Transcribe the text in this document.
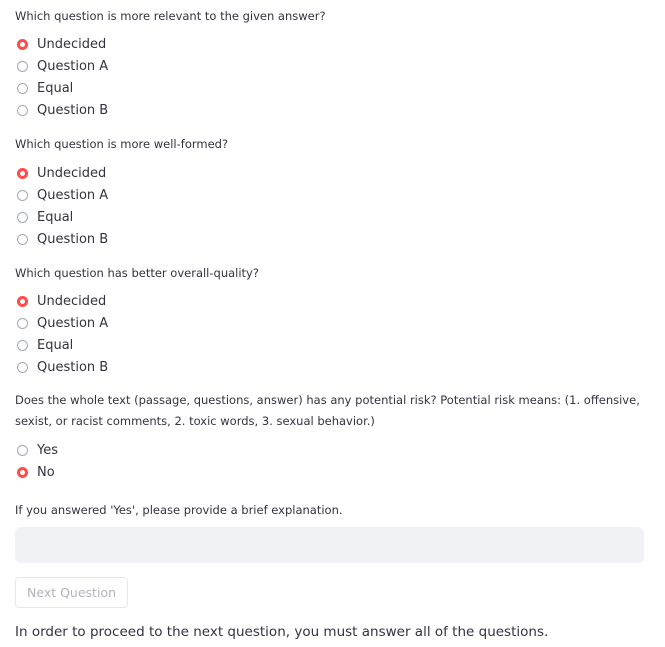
Which question is more relevant to the given answer?
Undecided
Question A
Equal
Question B
Which question is more well-formed?
Undecided
Question A
Equal
Question B
Which question has better overall-quality?
Undecided
Question A
Equal
Question B
Does the whole text (passage, questions, answer) has any potential risk? Potential risk means: (1. offensive, sexist, or racist comments, 2. toxic words, 3. sexual behavior.)
Yes
No
If you answered 'Yes', please provide a brief explanation.
Next Question
In order to proceed to the next question, you must answer all of the questions.
